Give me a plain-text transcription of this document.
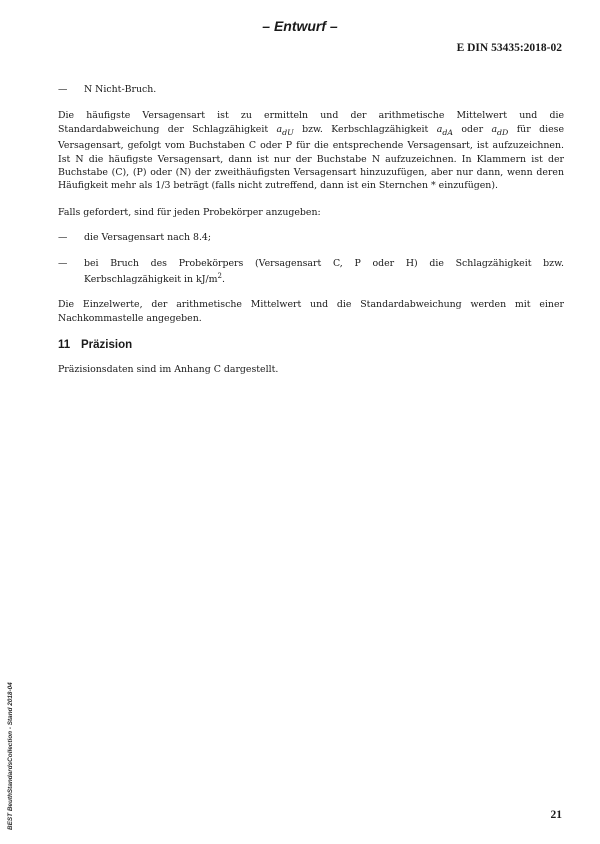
– Entwurf –
E DIN 53435:2018-02
—	N Nicht-Bruch.

Die häufigste Versagensart ist zu ermitteln und der arithmetische Mittelwert und die Standardabweichung der Schlagzähigkeit $a_{dU}$ bzw. Kerbschlagzähigkeit $a_{dA}$ oder $a_{dD}$ für diese Versagensart, gefolgt vom Buchstaben C oder P für die entsprechende Versagensart, ist aufzuzeichnen. Ist N die häufigste Versagensart, dann ist nur der Buchstabe N aufzuzeichnen. In Klammern ist der Buchstabe (C), (P) oder (N) der zweithäufigsten Versagensart hinzuzufügen, aber nur dann, wenn deren Häufigkeit mehr als 1/3 beträgt (falls nicht zutreffend, dann ist ein Sternchen * einzufügen).

Falls gefordert, sind für jeden Probekörper anzugeben:

—	die Versagensart nach 8.4;
—	bei Bruch des Probekörpers (Versagensart C, P oder H) die Schlagzähigkeit bzw. Kerbschlagzähigkeit in $kJ/m^2$.

Die Einzelwerte, der arithmetische Mittelwert und die Standardabweichung werden mit einer Nachkommastelle angegeben.

11 Präzision

Präzisionsdaten sind im Anhang C dargestellt.

BEST BeuthStandardsCollection - Stand 2018-04	21
